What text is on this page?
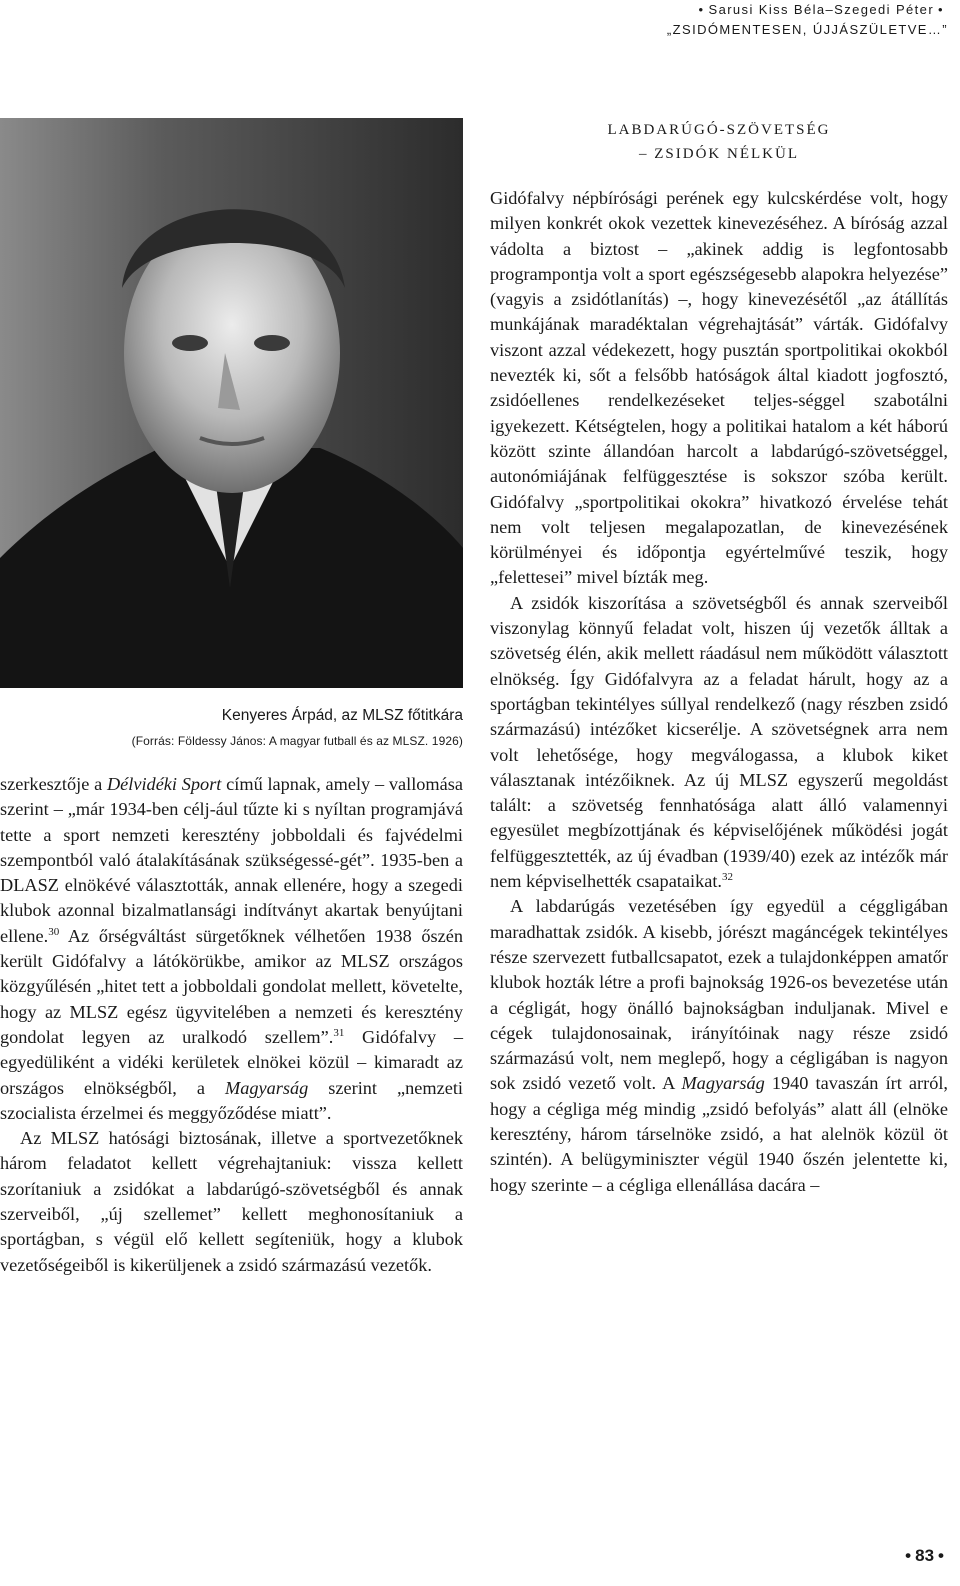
• Sarusi Kiss Béla–Szegedi Péter •
„ZSIDÓMENTESEN, ÚJJÁSZÜLETVE…”
Kenyeres Árpád, az MLSZ főtitkára
(Forrás: Földessy János: A magyar futball és az MLSZ. 1926)

szerkesztője a Délvidéki Sport című lapnak, amely – vallomása szerint – „már 1934-ben célj-ául tűzte ki s nyíltan programjává tette a sport nemzeti keresztény jobboldali és fajvédelmi szempontból való átalakításának szükségessé-gét”. 1935-ben a DLASZ elnökévé választották, annak ellenére, hogy a szegedi klubok azonnal bizalmatlansági indítványt akartak benyújtani ellene.$^{30}$ Az őrségváltást sürgetőknek vélhetően 1938 őszén került Gidófalvy a látókörükbe, amikor az MLSZ országos közgyűlésén „hitet tett a jobboldali gondolat mellett, követelte, hogy az MLSZ egész ügyvitelében a nemzeti és keresztény gondolat legyen az uralkodó szellem”.$^{31}$ Gidófalvy – egyedüliként a vidéki kerületek elnökei közül – kimaradt az országos elnökségből, a Magyarság szerint „nemzeti szocialista érzelmei és meggyőződése miatt”.

Az MLSZ hatósági biztosának, illetve a sportvezetőknek három feladatot kellett végrehajtaniuk: vissza kellett szorítaniuk a zsidókat a labdarúgó-szövetségből és annak szerveiből, „új szellemet” kellett meghonosítaniuk a sportágban, s végül elő kellett segíteniük, hogy a klubok vezetőségeiből is kikerüljenek a zsidó származású vezetők.

LABDARÚGÓ-SZÖVETSÉG
– ZSIDÓK NÉLKÜL

Gidófalvy népbírósági perének egy kulcskérdése volt, hogy milyen konkrét okok vezettek kinevezéséhez. A bíróság azzal vádolta a biztost – „akinek addig is legfontosabb programpontja volt a sport egészségesebb alapokra helyezése” (vagyis a zsidótlanítás) –, hogy kinevezésétől „az átállítás munkájának maradéktalan végrehajtását” várták. Gidófalvy viszont azzal védekezett, hogy pusztán sportpolitikai okokból nevezték ki, sőt a felsőbb hatóságok által kiadott jogfosztó, zsidóellenes rendelkezéseket teljes-séggel szabotálni igyekezett. Kétségtelen, hogy a politikai hatalom a két háború között szinte állandóan harcolt a labdarúgó-szövetséggel, autonómiájának felfüggesztése is sokszor szóba került. Gidófalvy „sportpolitikai okokra” hivatkozó érvelése tehát nem volt teljesen megalapozatlan, de kinevezésének körülményei és időpontja egyértelművé teszik, hogy „felettesei” mivel bízták meg.

A zsidók kiszorítása a szövetségből és annak szerveiből viszonylag könnyű feladat volt, hiszen új vezetők álltak a szövetség élén, akik mellett ráadásul nem működött választott elnökség. Így Gidófalvyra az a feladat hárult, hogy az a sportágban tekintélyes súllyal rendelkező (nagy részben zsidó származású) intézőket kicserélje. A szövetségnek arra nem volt lehetősége, hogy megválogassa, a klubok kiket választanak intézőiknek. Az új MLSZ egyszerű megoldást talált: a szövetség fennhatósága alatt álló valamennyi egyesület megbízottjának és képviselőjének működési jogát felfüggesztették, az új évadban (1939/40) ezek az intézők már nem képviselhették csapataikat.$^{32}$

A labdarúgás vezetésében így egyedül a céggligában maradhattak zsidók. A kisebb, jórészt magáncégek tekintélyes része szervezett futballcsapatot, ezek a tulajdonképpen amatőr klubok hozták létre a profi bajnokság 1926-os bevezetése után a cégligát, hogy önálló bajnokságban induljanak. Mivel e cégek tulajdonosainak, irányítóinak nagy része zsidó származású volt, nem meglepő, hogy a cégligában is nagyon sok zsidó vezető volt. A Magyarság 1940 tavaszán írt arról, hogy a cégliga még mindig „zsidó befolyás” alatt áll (elnöke keresztény, három társelnöke zsidó, a hat alelnök közül öt szintén). A belügyminiszter végül 1940 őszén jelentette ki, hogy szerinte – a cégliga ellenállása dacára –

• 83 •
